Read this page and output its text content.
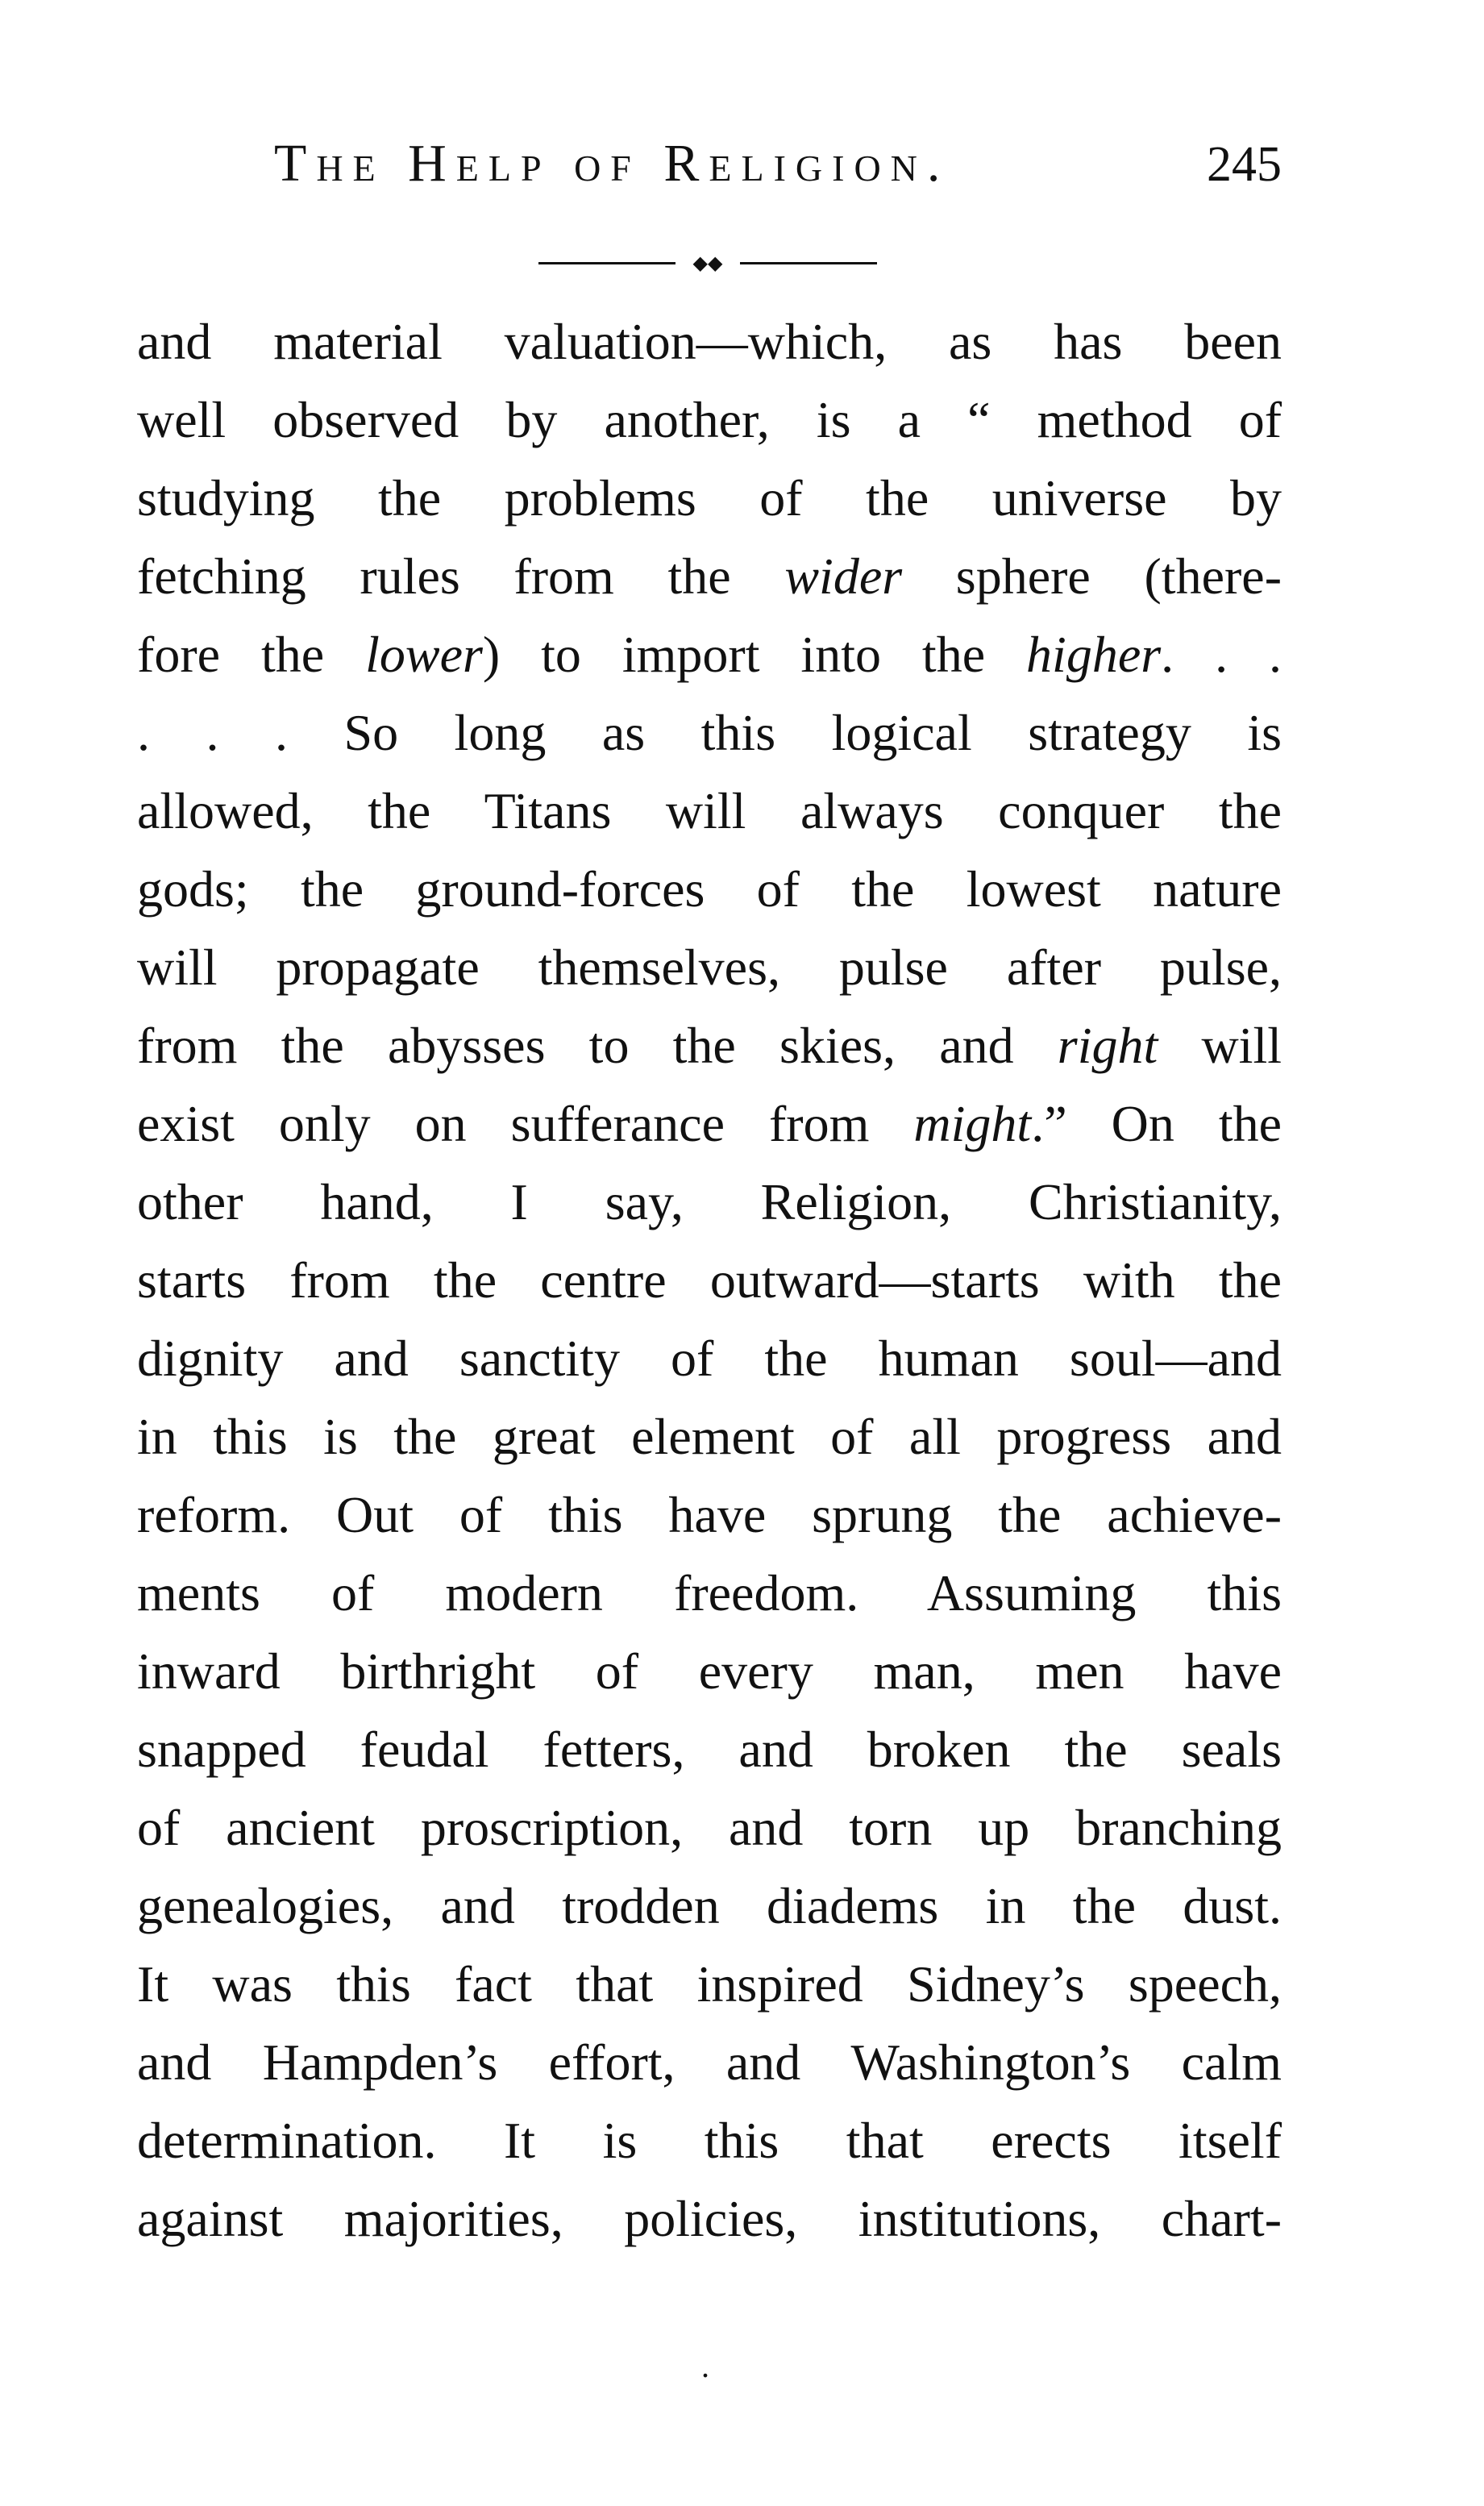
The Help of Religion.	245
◆◆
and material valuation—which, as has been
well observed by another, is a “ method of
studying the problems of the universe by
fetching rules from the wider sphere (there-
fore the lower) to import into the higher. . .
. . . So long as this logical strategy is
allowed, the Titans will always conquer the
gods; the ground-forces of the lowest nature
will propagate themselves, pulse after pulse,
from the abysses to the skies, and right will
exist only on sufferance from might.” On the
other hand, I say, Religion, Christianity,
starts from the centre outward—starts with the
dignity and sanctity of the human soul—and
in this is the great element of all progress and
reform. Out of this have sprung the achieve-
ments of modern freedom. Assuming this
inward birthright of every man, men have
snapped feudal fetters, and broken the seals
of ancient proscription, and torn up branching
genealogies, and trodden diadems in the dust.
It was this fact that inspired Sidney’s speech,
and Hampden’s effort, and Washington’s calm
determination. It is this that erects itself
against majorities, policies, institutions, chart-
.
